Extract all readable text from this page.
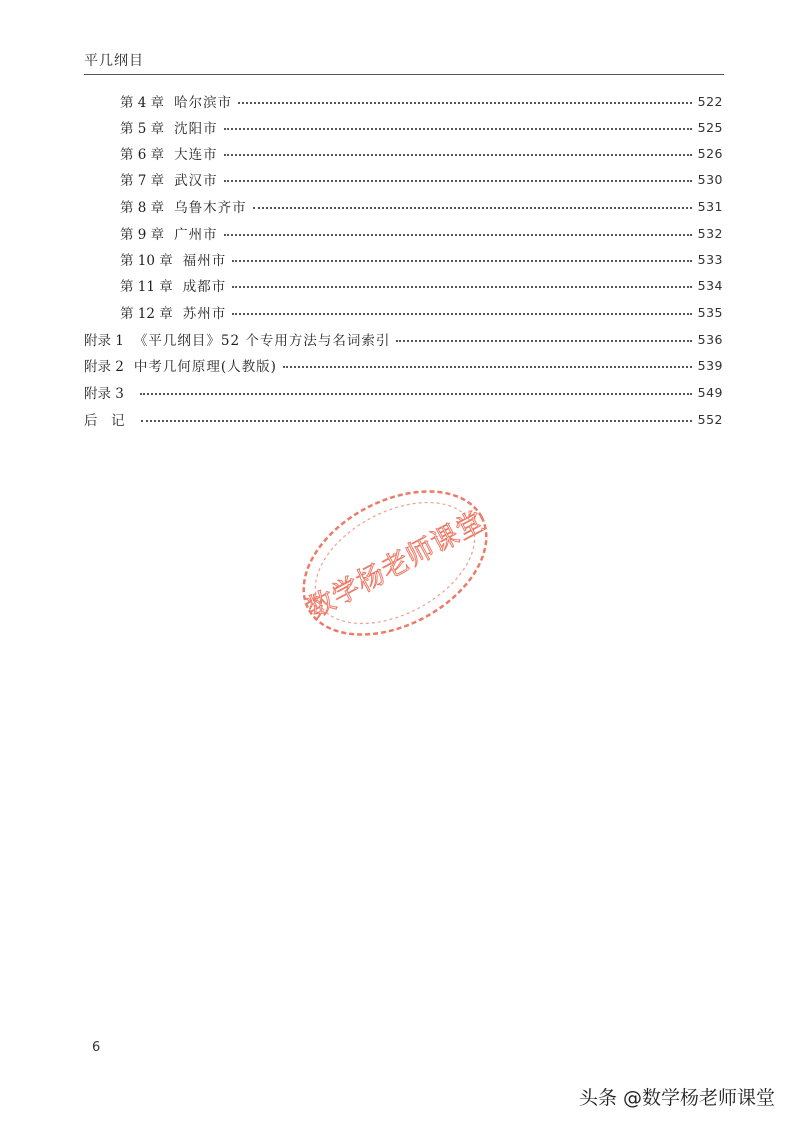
平几纲目
第 4 章 哈尔滨市	522
第 5 章 沈阳市	525
第 6 章 大连市	526
第 7 章 武汉市	530
第 8 章 乌鲁木齐市	531
第 9 章 广州市	532
第 10 章 福州市	533
第 11 章 成都市	534
第 12 章 苏州市	535
附录 1 《平几纲目》52 个专用方法与名词索引	536
附录 2 中考几何原理(人教版)	539
附录 3	549
后　记	552
数学杨老师课堂
6
头条 @数学杨老师课堂
